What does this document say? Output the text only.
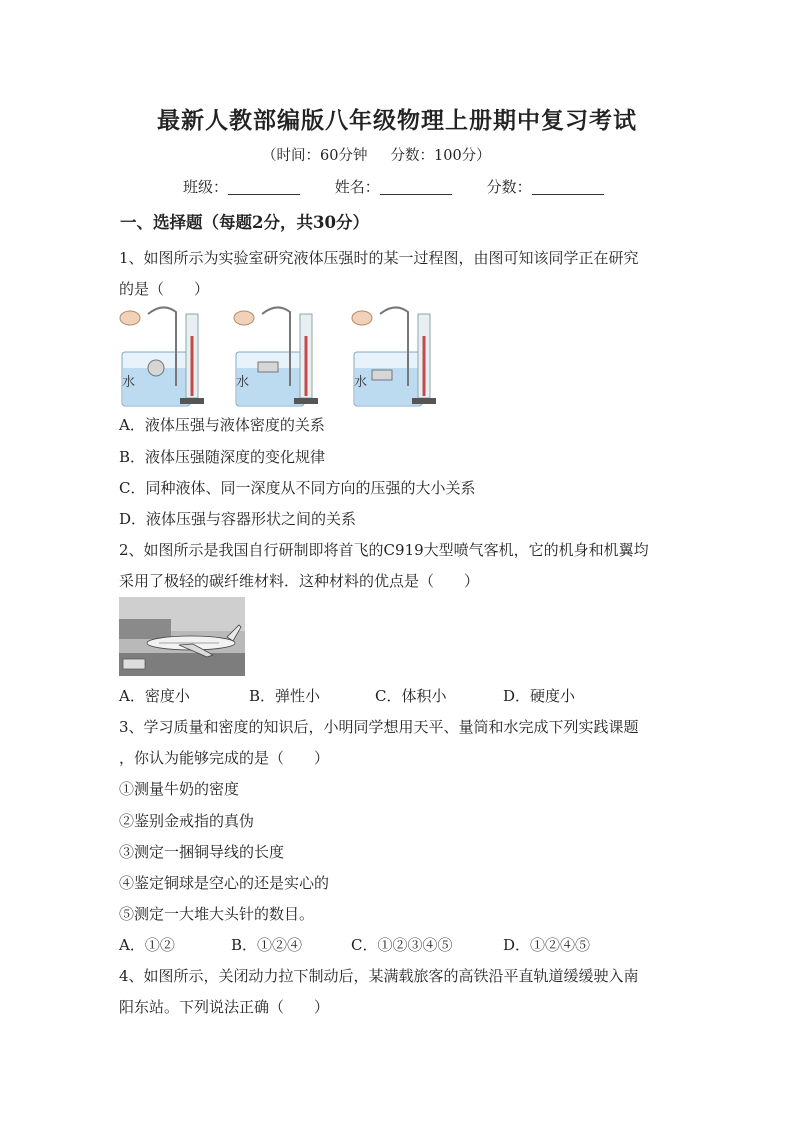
最新人教部编版八年级物理上册期中复习考试
（时间：60分钟     分数：100分）
班级：	姓名：	分数：
一、选择题（每题2分，共30分）
1、如图所示为实验室研究液体压强时的某一过程图，由图可知该同学正在研究
的是（　　）
水	水	水
A．液体压强与液体密度的关系
B．液体压强随深度的变化规律
C．同种液体、同一深度从不同方向的压强的大小关系
D．液体压强与容器形状之间的关系
2、如图所示是我国自行研制即将首飞的C919大型喷气客机，它的机身和机翼均
采用了极轻的碳纤维材料．这种材料的优点是（　　）
A．密度小	B．弹性小	C．体积小	D．硬度小
3、学习质量和密度的知识后，小明同学想用天平、量筒和水完成下列实践课题
，你认为能够完成的是（　　）
①测量牛奶的密度
②鉴别金戒指的真伪
③测定一捆铜导线的长度
④鉴定铜球是空心的还是实心的
⑤测定一大堆大头针的数目。
A．①②	B．①②④	C．①②③④⑤	D．①②④⑤
4、如图所示，关闭动力拉下制动后，某满载旅客的高铁沿平直轨道缓缓驶入南
阳东站。下列说法正确（　　）
